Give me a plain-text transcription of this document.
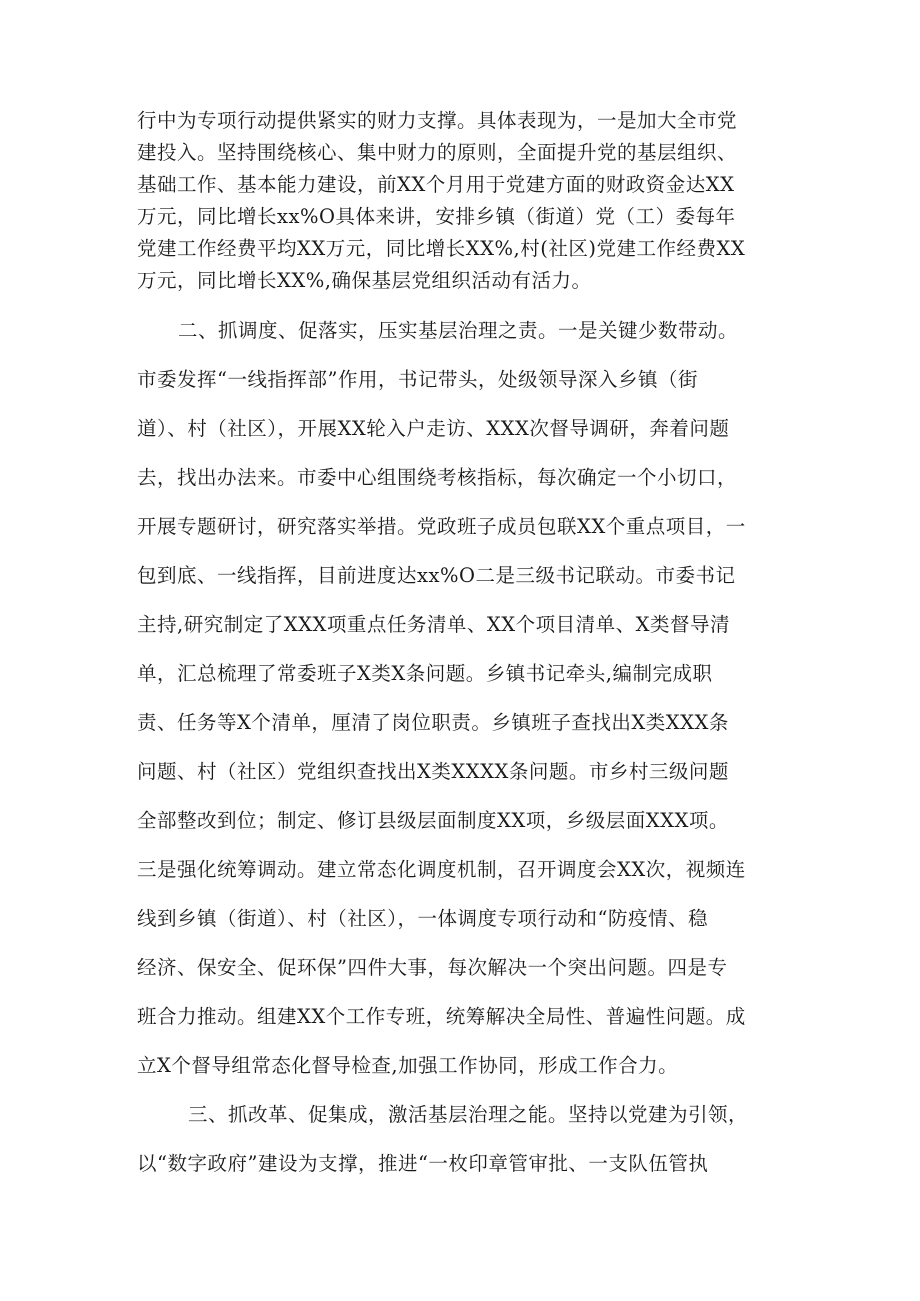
行中为专项行动提供紧实的财力支撑。具体表现为，一是加大全市党
建投入。坚持围绕核心、集中财力的原则，全面提升党的基层组织、
基础工作、基本能力建设，前XX个月用于党建方面的财政资金达XX
万元，同比增长xx%O具体来讲，安排乡镇（街道）党（工）委每年
党建工作经费平均XX万元，同比增长XX%,村(社区)党建工作经费XX
万元，同比增长XX%,确保基层党组织活动有活力。
二、抓调度、促落实，压实基层治理之责。一是关键少数带动。
市委发挥“一线指挥部”作用，书记带头，处级领导深入乡镇（街
道）、村（社区），开展XX轮入户走访、XXX次督导调研，奔着问题
去，找出办法来。市委中心组围绕考核指标，每次确定一个小切口，
开展专题研讨，研究落实举措。党政班子成员包联XX个重点项目，一
包到底、一线指挥，目前进度达xx%O二是三级书记联动。市委书记
主持,研究制定了XXX项重点任务清单、XX个项目清单、X类督导清
单，汇总梳理了常委班子X类X条问题。乡镇书记牵头,编制完成职
责、任务等X个清单，厘清了岗位职责。乡镇班子查找出X类XXX条
问题、村（社区）党组织查找出X类XXXX条问题。市乡村三级问题
全部整改到位；制定、修订县级层面制度XX项，乡级层面XXX项。
三是强化统筹调动。建立常态化调度机制，召开调度会XX次，视频连
线到乡镇（街道）、村（社区），一体调度专项行动和“防疫情、稳
经济、保安全、促环保”四件大事，每次解决一个突出问题。四是专
班合力推动。组建XX个工作专班，统筹解决全局性、普遍性问题。成
立X个督导组常态化督导检查,加强工作协同，形成工作合力。
三、抓改革、促集成，激活基层治理之能。坚持以党建为引领，
以“数字政府”建设为支撑，推进“一枚印章管审批、一支队伍管执
